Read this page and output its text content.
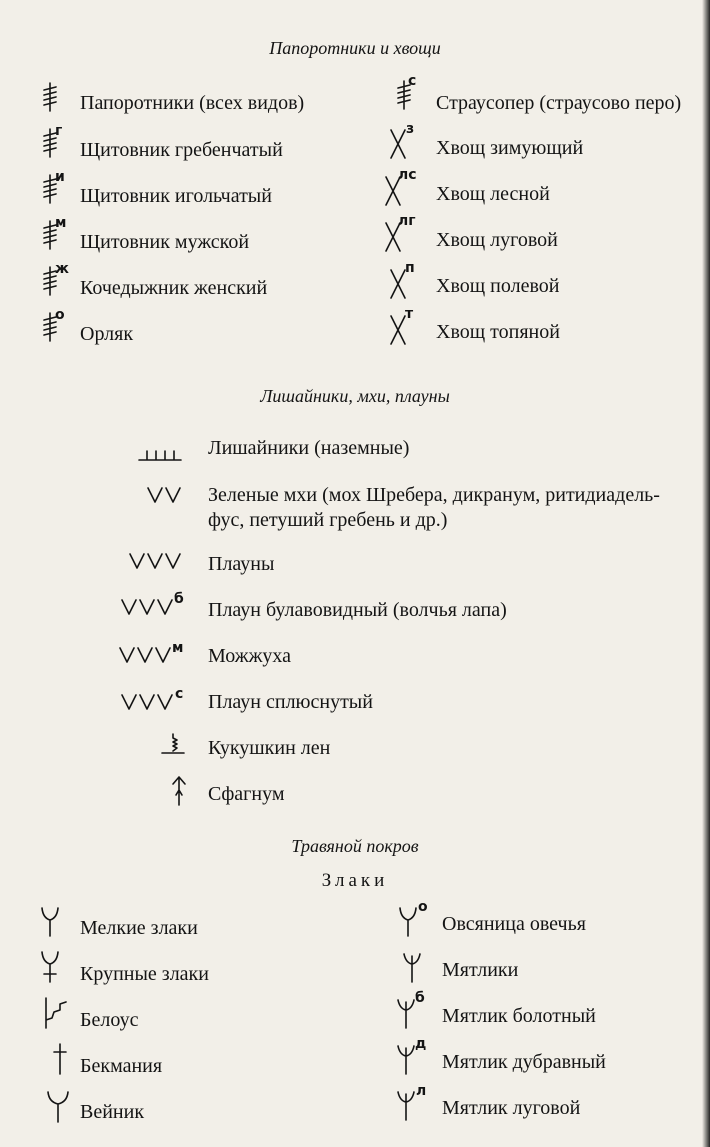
Папоротники и хвощи
Папоротники (всех видов)
г
Щитовник гребенчатый
и
Щитовник игольчатый
м
Щитовник мужской
ж
Кочедыжник женский
о
Орляк
с
Страусопер (страусово перо)
з
Хвощ зимующий
лс
Хвощ лесной
лг
Хвощ луговой
п
Хвощ полевой
т
Хвощ топяной
Лишайники, мхи, плауны
Лишайники (наземные)
Зеленые мхи (мох Шребера, дикранум, ритидиадель-
фус, петуший гребень и др.)
Плауны
б Плаун булавовидный (волчья лапа)
м Можжуха
с Плаун сплюснутый
Кукушкин лен
Сфагнум
Травяной покров
Злаки
Мелкие злаки
Крупные злаки
Белоус
Бекмания
Вейник
о
Овсяница овечья
Мятлики
б
Мятлик болотный
д
Мятлик дубравный
л
Мятлик луговой
